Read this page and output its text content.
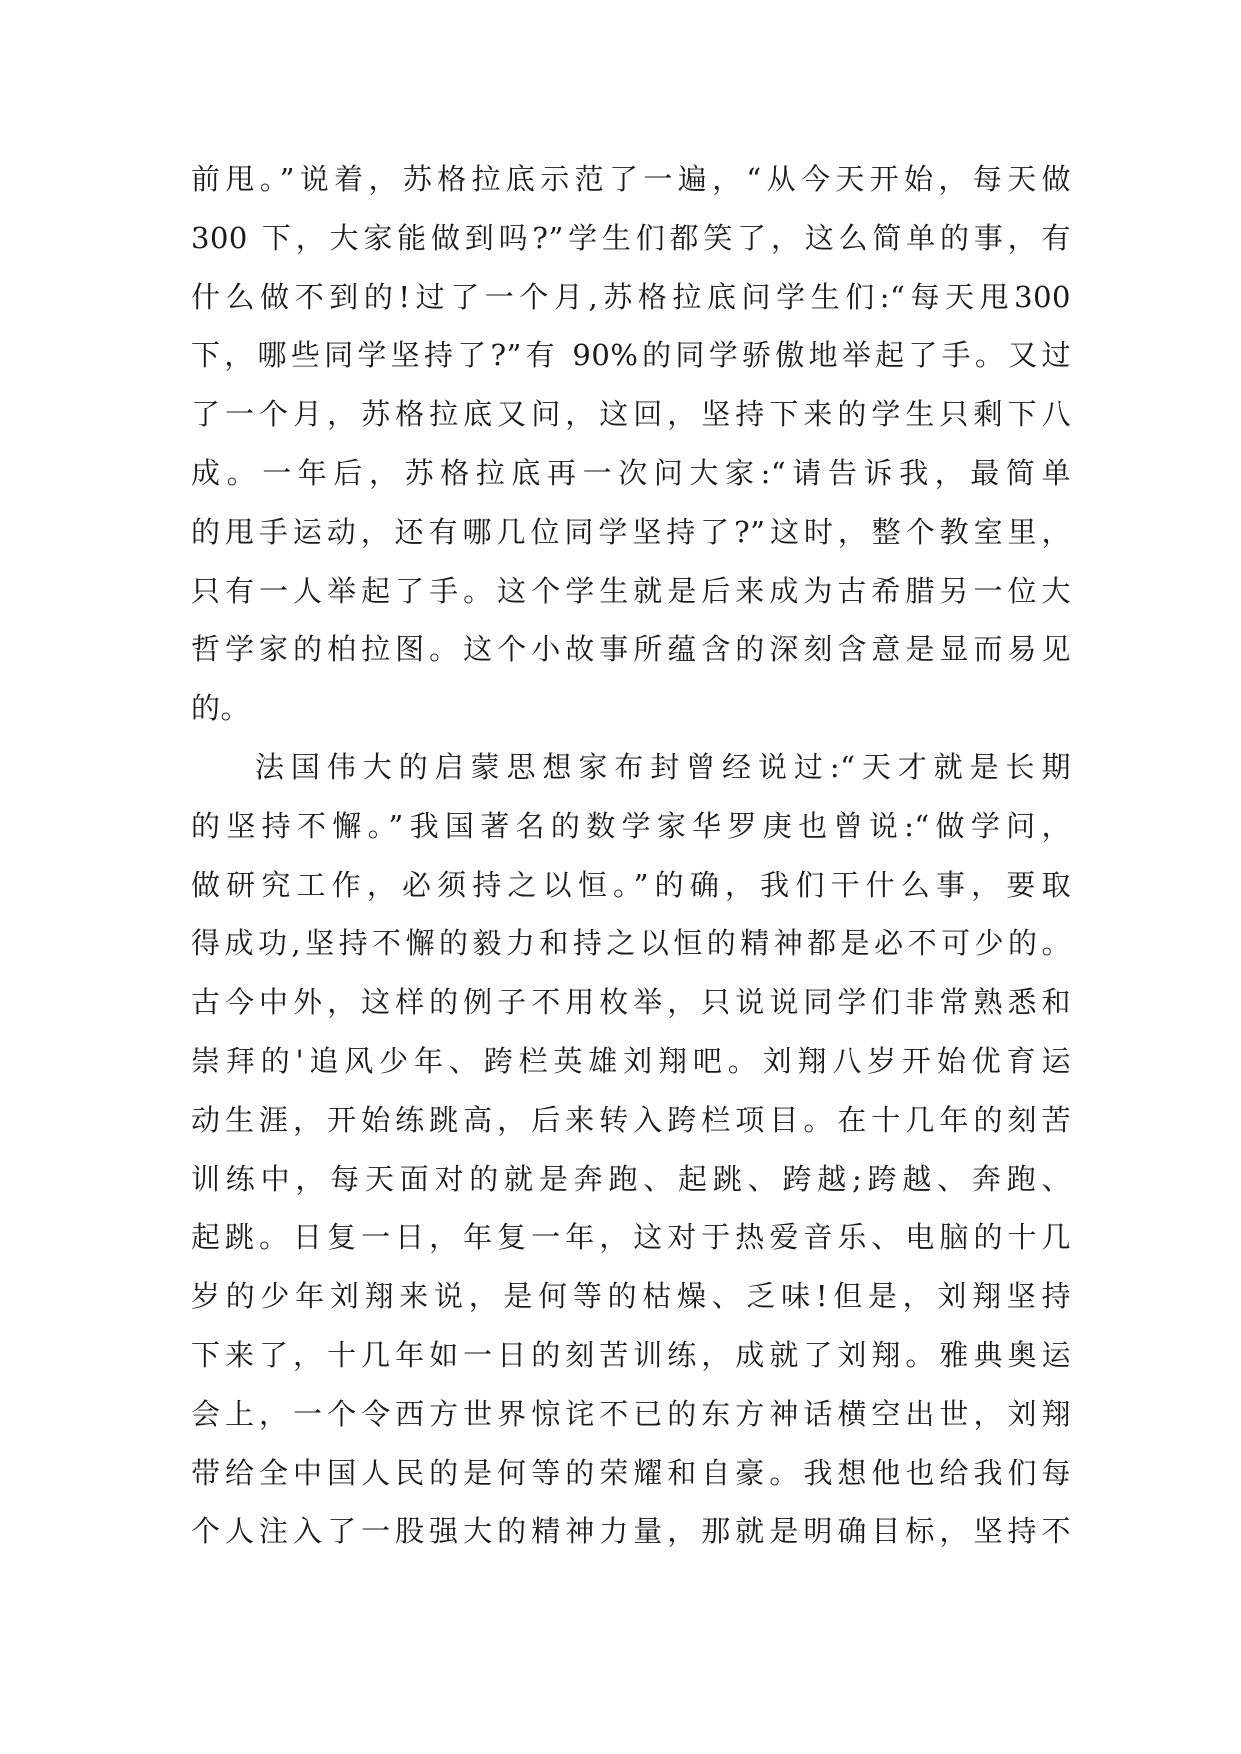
前甩。”说着，苏格拉底示范了一遍，“从今天开始，每天做
300 下，大家能做到吗?”学生们都笑了，这么简单的事，有
什么做不到的!过了一个月,苏格拉底问学生们:“每天甩300
下，哪些同学坚持了?”有 90%的同学骄傲地举起了手。又过
了一个月，苏格拉底又问，这回，坚持下来的学生只剩下八
成。一年后，苏格拉底再一次问大家:“请告诉我，最简单
的甩手运动，还有哪几位同学坚持了?”这时，整个教室里，
只有一人举起了手。这个学生就是后来成为古希腊另一位大
哲学家的柏拉图。这个小故事所蕴含的深刻含意是显而易见
的。
法国伟大的启蒙思想家布封曾经说过:“天才就是长期
的坚持不懈。”我国著名的数学家华罗庚也曾说:“做学问，
做研究工作，必须持之以恒。”的确，我们干什么事，要取
得成功,坚持不懈的毅力和持之以恒的精神都是必不可少的。
古今中外，这样的例子不用枚举，只说说同学们非常熟悉和
崇拜的'追风少年、跨栏英雄刘翔吧。刘翔八岁开始优育运
动生涯，开始练跳高，后来转入跨栏项目。在十几年的刻苦
训练中，每天面对的就是奔跑、起跳、跨越;跨越、奔跑、
起跳。日复一日，年复一年，这对于热爱音乐、电脑的十几
岁的少年刘翔来说，是何等的枯燥、乏味!但是，刘翔坚持
下来了，十几年如一日的刻苦训练，成就了刘翔。雅典奥运
会上，一个令西方世界惊诧不已的东方神话横空出世，刘翔
带给全中国人民的是何等的荣耀和自豪。我想他也给我们每
个人注入了一股强大的精神力量，那就是明确目标，坚持不
